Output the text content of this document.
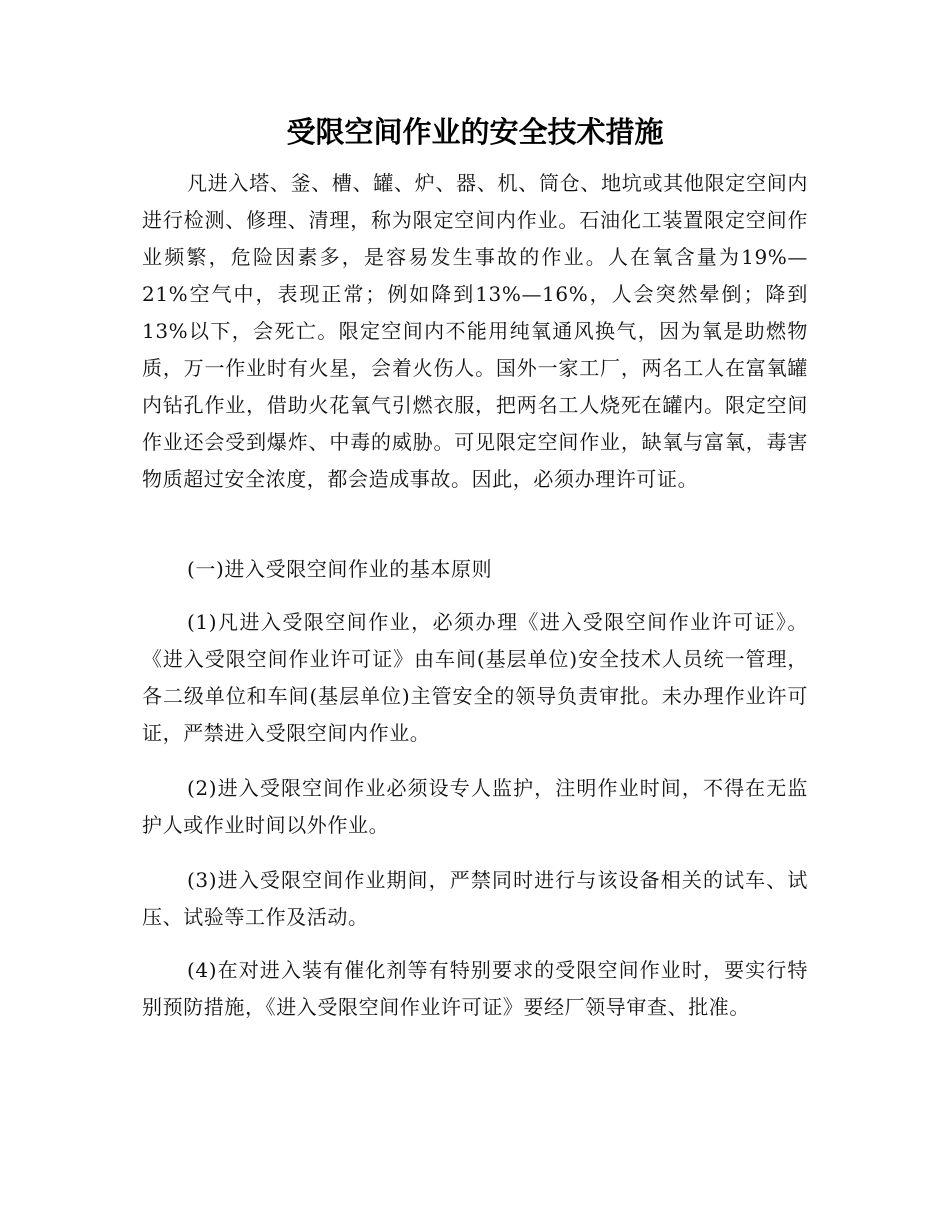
受限空间作业的安全技术措施

凡进入塔、釜、槽、罐、炉、器、机、筒仓、地坑或其他限定空间内进行检测、修理、清理，称为限定空间内作业。石油化工装置限定空间作业频繁，危险因素多，是容易发生事故的作业。人在氧含量为19%—21%空气中，表现正常；例如降到13%—16%，人会突然晕倒；降到13%以下，会死亡。限定空间内不能用纯氧通风换气，因为氧是助燃物质，万一作业时有火星，会着火伤人。国外一家工厂，两名工人在富氧罐内钻孔作业，借助火花氧气引燃衣服，把两名工人烧死在罐内。限定空间作业还会受到爆炸、中毒的威胁。可见限定空间作业，缺氧与富氧，毒害物质超过安全浓度，都会造成事故。因此，必须办理许可证。

(一)进入受限空间作业的基本原则

(1)凡进入受限空间作业，必须办理《进入受限空间作业许可证》。《进入受限空间作业许可证》由车间(基层单位)安全技术人员统一管理，各二级单位和车间(基层单位)主管安全的领导负责审批。未办理作业许可证，严禁进入受限空间内作业。

(2)进入受限空间作业必须设专人监护，注明作业时间，不得在无监护人或作业时间以外作业。

(3)进入受限空间作业期间，严禁同时进行与该设备相关的试车、试压、试验等工作及活动。

(4)在对进入装有催化剂等有特别要求的受限空间作业时，要实行特别预防措施，《进入受限空间作业许可证》要经厂领导审查、批准。
